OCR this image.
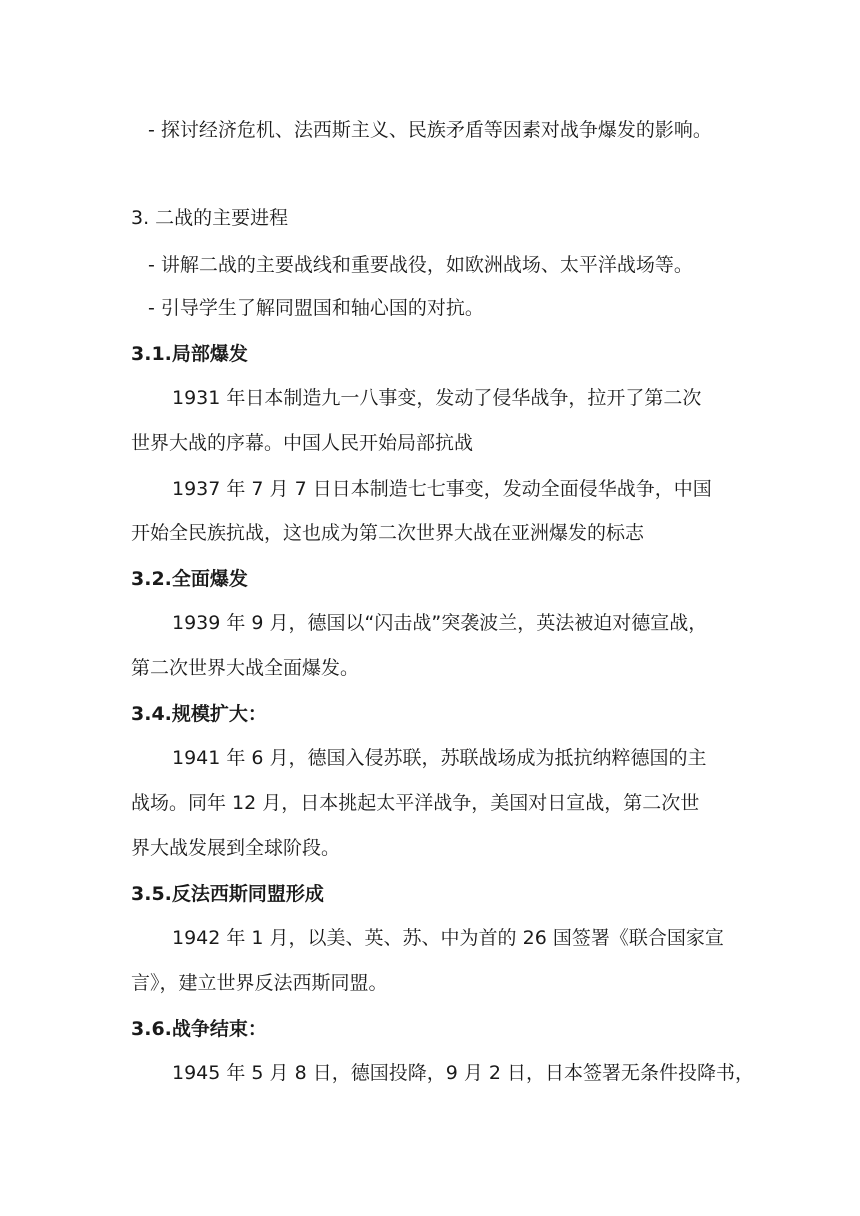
- 探讨经济危机、法西斯主义、民族矛盾等因素对战争爆发的影响。
3. 二战的主要进程
- 讲解二战的主要战线和重要战役，如欧洲战场、太平洋战场等。
- 引导学生了解同盟国和轴心国的对抗。
3.1.局部爆发
1931 年日本制造九一八事变，发动了侵华战争，拉开了第二次
世界大战的序幕。中国人民开始局部抗战
1937 年 7 月 7 日日本制造七七事变，发动全面侵华战争，中国
开始全民族抗战，这也成为第二次世界大战在亚洲爆发的标志
3.2.全面爆发
1939 年 9 月，德国以“闪击战”突袭波兰，英法被迫对德宣战，
第二次世界大战全面爆发。
3.4.规模扩大：
1941 年 6 月，德国入侵苏联，苏联战场成为抵抗纳粹德国的主
战场。同年 12 月，日本挑起太平洋战争，美国对日宣战，第二次世
界大战发展到全球阶段。
3.5.反法西斯同盟形成
1942 年 1 月，以美、英、苏、中为首的 26 国签署《联合国家宣
言》，建立世界反法西斯同盟。
3.6.战争结束：
1945 年 5 月 8 日，德国投降，9 月 2 日，日本签署无条件投降书，
